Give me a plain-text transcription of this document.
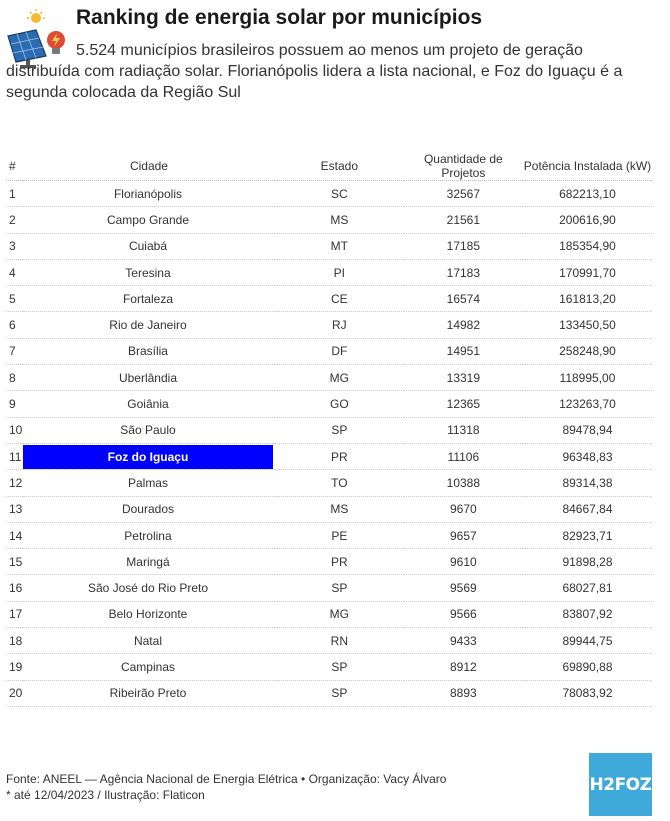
Ranking de energia solar por municípios
5.524 municípios brasileiros possuem ao menos um projeto de geração distribuída com radiação solar. Florianópolis lidera a lista nacional, e Foz do Iguaçu é a segunda colocada da Região Sul
#	Cidade	Estado	Quantidade de Projetos	Potência Instalada (kW)
1	Florianópolis	SC	32567	682213,10
2	Campo Grande	MS	21561	200616,90
3	Cuiabá	MT	17185	185354,90
4	Teresina	PI	17183	170991,70
5	Fortaleza	CE	16574	161813,20
6	Rio de Janeiro	RJ	14982	133450,50
7	Brasília	DF	14951	258248,90
8	Uberlândia	MG	13319	118995,00
9	Goiânia	GO	12365	123263,70
10	São Paulo	SP	11318	89478,94
11	Foz do Iguaçu	PR	11106	96348,83
12	Palmas	TO	10388	89314,38
13	Dourados	MS	9670	84667,84
14	Petrolina	PE	9657	82923,71
15	Maringá	PR	9610	91898,28
16	São José do Rio Preto	SP	9569	68027,81
17	Belo Horizonte	MG	9566	83807,92
18	Natal	RN	9433	89944,75
19	Campinas	SP	8912	69890,88
20	Ribeirão Preto	SP	8893	78083,92
Fonte: ANEEL — Agência Nacional de Energia Elétrica • Organização: Vacy Álvaro
* até 12/04/2023 / Ilustração: Flaticon
H2FOZ
